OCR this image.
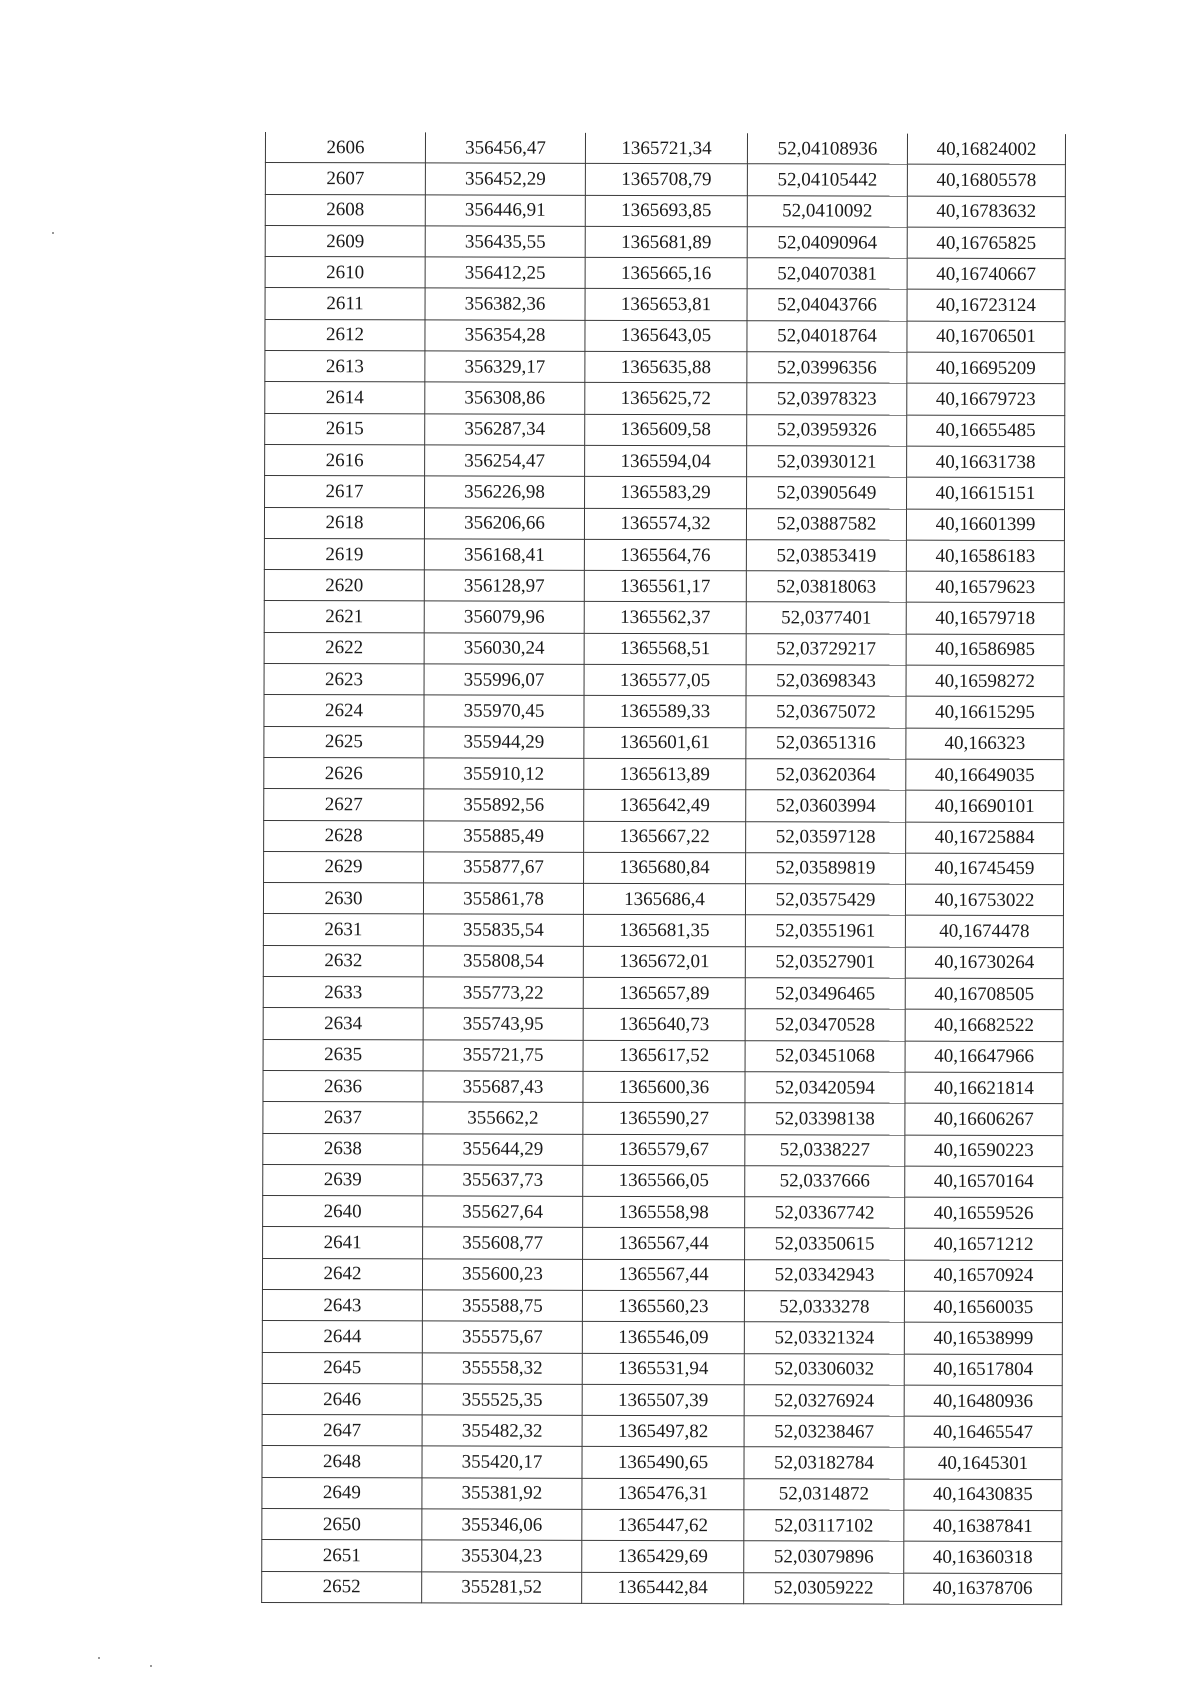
2606	356456,47	1365721,34	52,04108936	40,16824002
2607	356452,29	1365708,79	52,04105442	40,16805578
2608	356446,91	1365693,85	52,0410092	40,16783632
2609	356435,55	1365681,89	52,04090964	40,16765825
2610	356412,25	1365665,16	52,04070381	40,16740667
2611	356382,36	1365653,81	52,04043766	40,16723124
2612	356354,28	1365643,05	52,04018764	40,16706501
2613	356329,17	1365635,88	52,03996356	40,16695209
2614	356308,86	1365625,72	52,03978323	40,16679723
2615	356287,34	1365609,58	52,03959326	40,16655485
2616	356254,47	1365594,04	52,03930121	40,16631738
2617	356226,98	1365583,29	52,03905649	40,16615151
2618	356206,66	1365574,32	52,03887582	40,16601399
2619	356168,41	1365564,76	52,03853419	40,16586183
2620	356128,97	1365561,17	52,03818063	40,16579623
2621	356079,96	1365562,37	52,0377401	40,16579718
2622	356030,24	1365568,51	52,03729217	40,16586985
2623	355996,07	1365577,05	52,03698343	40,16598272
2624	355970,45	1365589,33	52,03675072	40,16615295
2625	355944,29	1365601,61	52,03651316	40,166323
2626	355910,12	1365613,89	52,03620364	40,16649035
2627	355892,56	1365642,49	52,03603994	40,16690101
2628	355885,49	1365667,22	52,03597128	40,16725884
2629	355877,67	1365680,84	52,03589819	40,16745459
2630	355861,78	1365686,4	52,03575429	40,16753022
2631	355835,54	1365681,35	52,03551961	40,1674478
2632	355808,54	1365672,01	52,03527901	40,16730264
2633	355773,22	1365657,89	52,03496465	40,16708505
2634	355743,95	1365640,73	52,03470528	40,16682522
2635	355721,75	1365617,52	52,03451068	40,16647966
2636	355687,43	1365600,36	52,03420594	40,16621814
2637	355662,2	1365590,27	52,03398138	40,16606267
2638	355644,29	1365579,67	52,0338227	40,16590223
2639	355637,73	1365566,05	52,0337666	40,16570164
2640	355627,64	1365558,98	52,03367742	40,16559526
2641	355608,77	1365567,44	52,03350615	40,16571212
2642	355600,23	1365567,44	52,03342943	40,16570924
2643	355588,75	1365560,23	52,0333278	40,16560035
2644	355575,67	1365546,09	52,03321324	40,16538999
2645	355558,32	1365531,94	52,03306032	40,16517804
2646	355525,35	1365507,39	52,03276924	40,16480936
2647	355482,32	1365497,82	52,03238467	40,16465547
2648	355420,17	1365490,65	52,03182784	40,1645301
2649	355381,92	1365476,31	52,0314872	40,16430835
2650	355346,06	1365447,62	52,03117102	40,16387841
2651	355304,23	1365429,69	52,03079896	40,16360318
2652	355281,52	1365442,84	52,03059222	40,16378706
